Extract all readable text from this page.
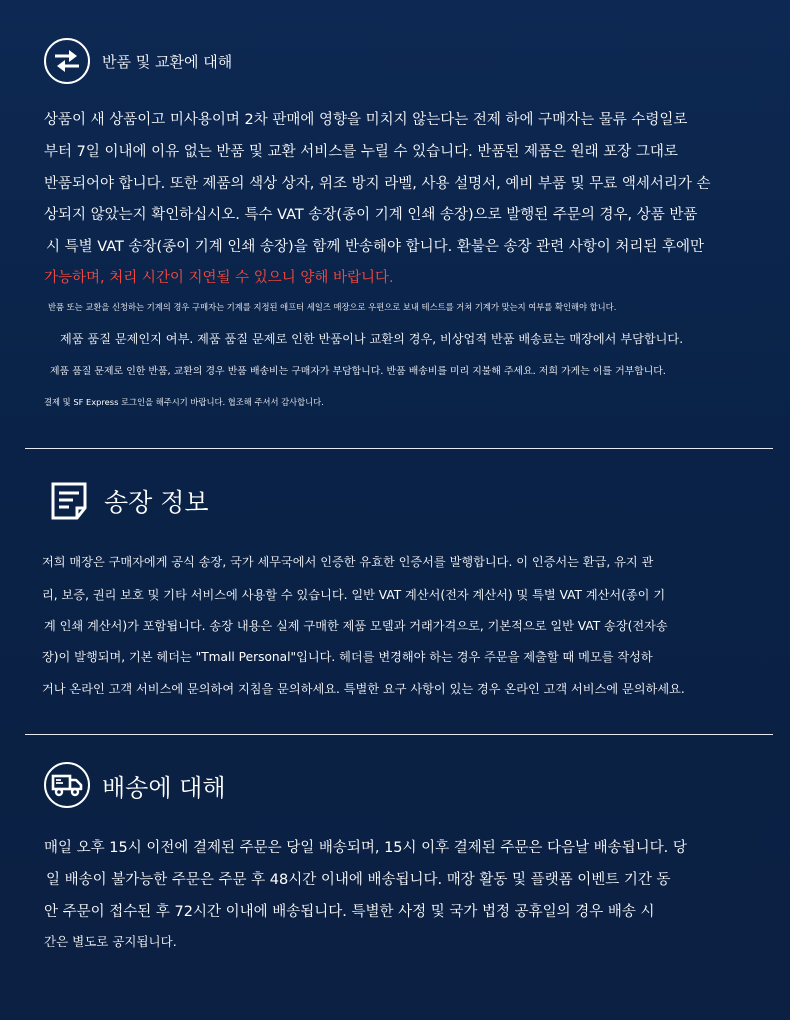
반품 및 교환에 대해
상품이 새 상품이고 미사용이며 2차 판매에 영향을 미치지 않는다는 전제 하에 구매자는 물류 수령일로
부터 7일 이내에 이유 없는 반품 및 교환 서비스를 누릴 수 있습니다. 반품된 제품은 원래 포장 그대로
반품되어야 합니다. 또한 제품의 색상 상자, 위조 방지 라벨, 사용 설명서, 예비 부품 및 무료 액세서리가 손
상되지 않았는지 확인하십시오. 특수 VAT 송장(종이 기계 인쇄 송장)으로 발행된 주문의 경우, 상품 반품
시 특별 VAT 송장(종이 기계 인쇄 송장)을 함께 반송해야 합니다. 환불은 송장 관련 사항이 처리된 후에만
가능하며, 처리 시간이 지연될 수 있으니 양해 바랍니다.
반품 또는 교환을 신청하는 기계의 경우 구매자는 기계를 지정된 애프터 세일즈 매장으로 우편으로 보내 테스트를 거쳐 기계가 맞는지 여부를 확인해야 합니다.
제품 품질 문제인지 여부. 제품 품질 문제로 인한 반품이나 교환의 경우, 비상업적 반품 배송료는 매장에서 부담합니다.
제품 품질 문제로 인한 반품, 교환의 경우 반품 배송비는 구매자가 부담합니다. 반품 배송비를 미리 지불해 주세요. 저희 가게는 이를 거부합니다.
결제 및 SF Express 로그인을 해주시기 바랍니다. 협조해 주셔서 감사합니다.
송장 정보
저희 매장은 구매자에게 공식 송장, 국가 세무국에서 인증한 유효한 인증서를 발행합니다. 이 인증서는 환급, 유지 관
리, 보증, 권리 보호 및 기타 서비스에 사용할 수 있습니다. 일반 VAT 계산서(전자 계산서) 및 특별 VAT 계산서(종이 기
계 인쇄 계산서)가 포함됩니다. 송장 내용은 실제 구매한 제품 모델과 거래가격으로, 기본적으로 일반 VAT 송장(전자송
장)이 발행되며, 기본 헤더는 "Tmall Personal"입니다. 헤더를 변경해야 하는 경우 주문을 제출할 때 메모를 작성하
거나 온라인 고객 서비스에 문의하여 지침을 문의하세요. 특별한 요구 사항이 있는 경우 온라인 고객 서비스에 문의하세요.
배송에 대해
매일 오후 15시 이전에 결제된 주문은 당일 배송되며, 15시 이후 결제된 주문은 다음날 배송됩니다. 당
일 배송이 불가능한 주문은 주문 후 48시간 이내에 배송됩니다. 매장 활동 및 플랫폼 이벤트 기간 동
안 주문이 접수된 후 72시간 이내에 배송됩니다. 특별한 사정 및 국가 법정 공휴일의 경우 배송 시
간은 별도로 공지됩니다.
